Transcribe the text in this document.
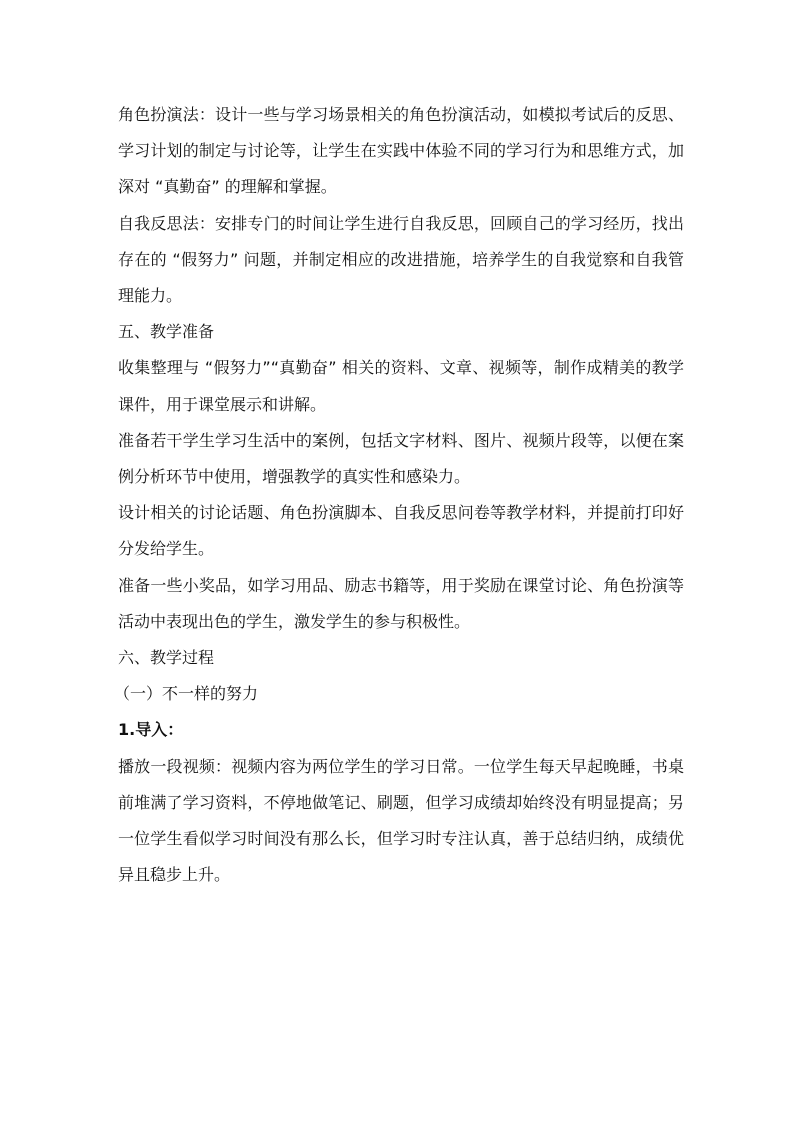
角色扮演法：设计一些与学习场景相关的角色扮演活动，如模拟考试后的反思、学习计划的制定与讨论等，让学生在实践中体验不同的学习行为和思维方式，加深对 “真勤奋” 的理解和掌握。

自我反思法：安排专门的时间让学生进行自我反思，回顾自己的学习经历，找出存在的 “假努力” 问题，并制定相应的改进措施，培养学生的自我觉察和自我管理能力。

五、教学准备

收集整理与 “假努力”“真勤奋” 相关的资料、文章、视频等，制作成精美的教学课件，用于课堂展示和讲解。

准备若干学生学习生活中的案例，包括文字材料、图片、视频片段等，以便在案例分析环节中使用，增强教学的真实性和感染力。

设计相关的讨论话题、角色扮演脚本、自我反思问卷等教学材料，并提前打印好分发给学生。

准备一些小奖品，如学习用品、励志书籍等，用于奖励在课堂讨论、角色扮演等活动中表现出色的学生，激发学生的参与积极性。

六、教学过程

（一）不一样的努力

1.导入：

播放一段视频：视频内容为两位学生的学习日常。一位学生每天早起晚睡，书桌前堆满了学习资料，不停地做笔记、刷题，但学习成绩却始终没有明显提高；另一位学生看似学习时间没有那么长，但学习时专注认真，善于总结归纳，成绩优异且稳步上升。
